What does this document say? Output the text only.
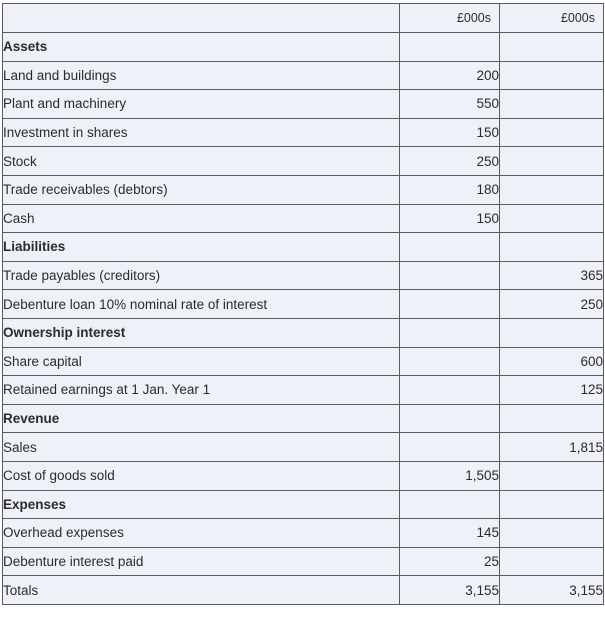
	£000s	£000s
Assets		
Land and buildings	200	
Plant and machinery	550	
Investment in shares	150	
Stock	250	
Trade receivables (debtors)	180	
Cash	150	
Liabilities		
Trade payables (creditors)		365
Debenture loan 10% nominal rate of interest		250
Ownership interest		
Share capital		600
Retained earnings at 1 Jan. Year 1		125
Revenue		
Sales		1,815
Cost of goods sold	1,505	
Expenses		
Overhead expenses	145	
Debenture interest paid	25	
Totals	3,155	3,155
